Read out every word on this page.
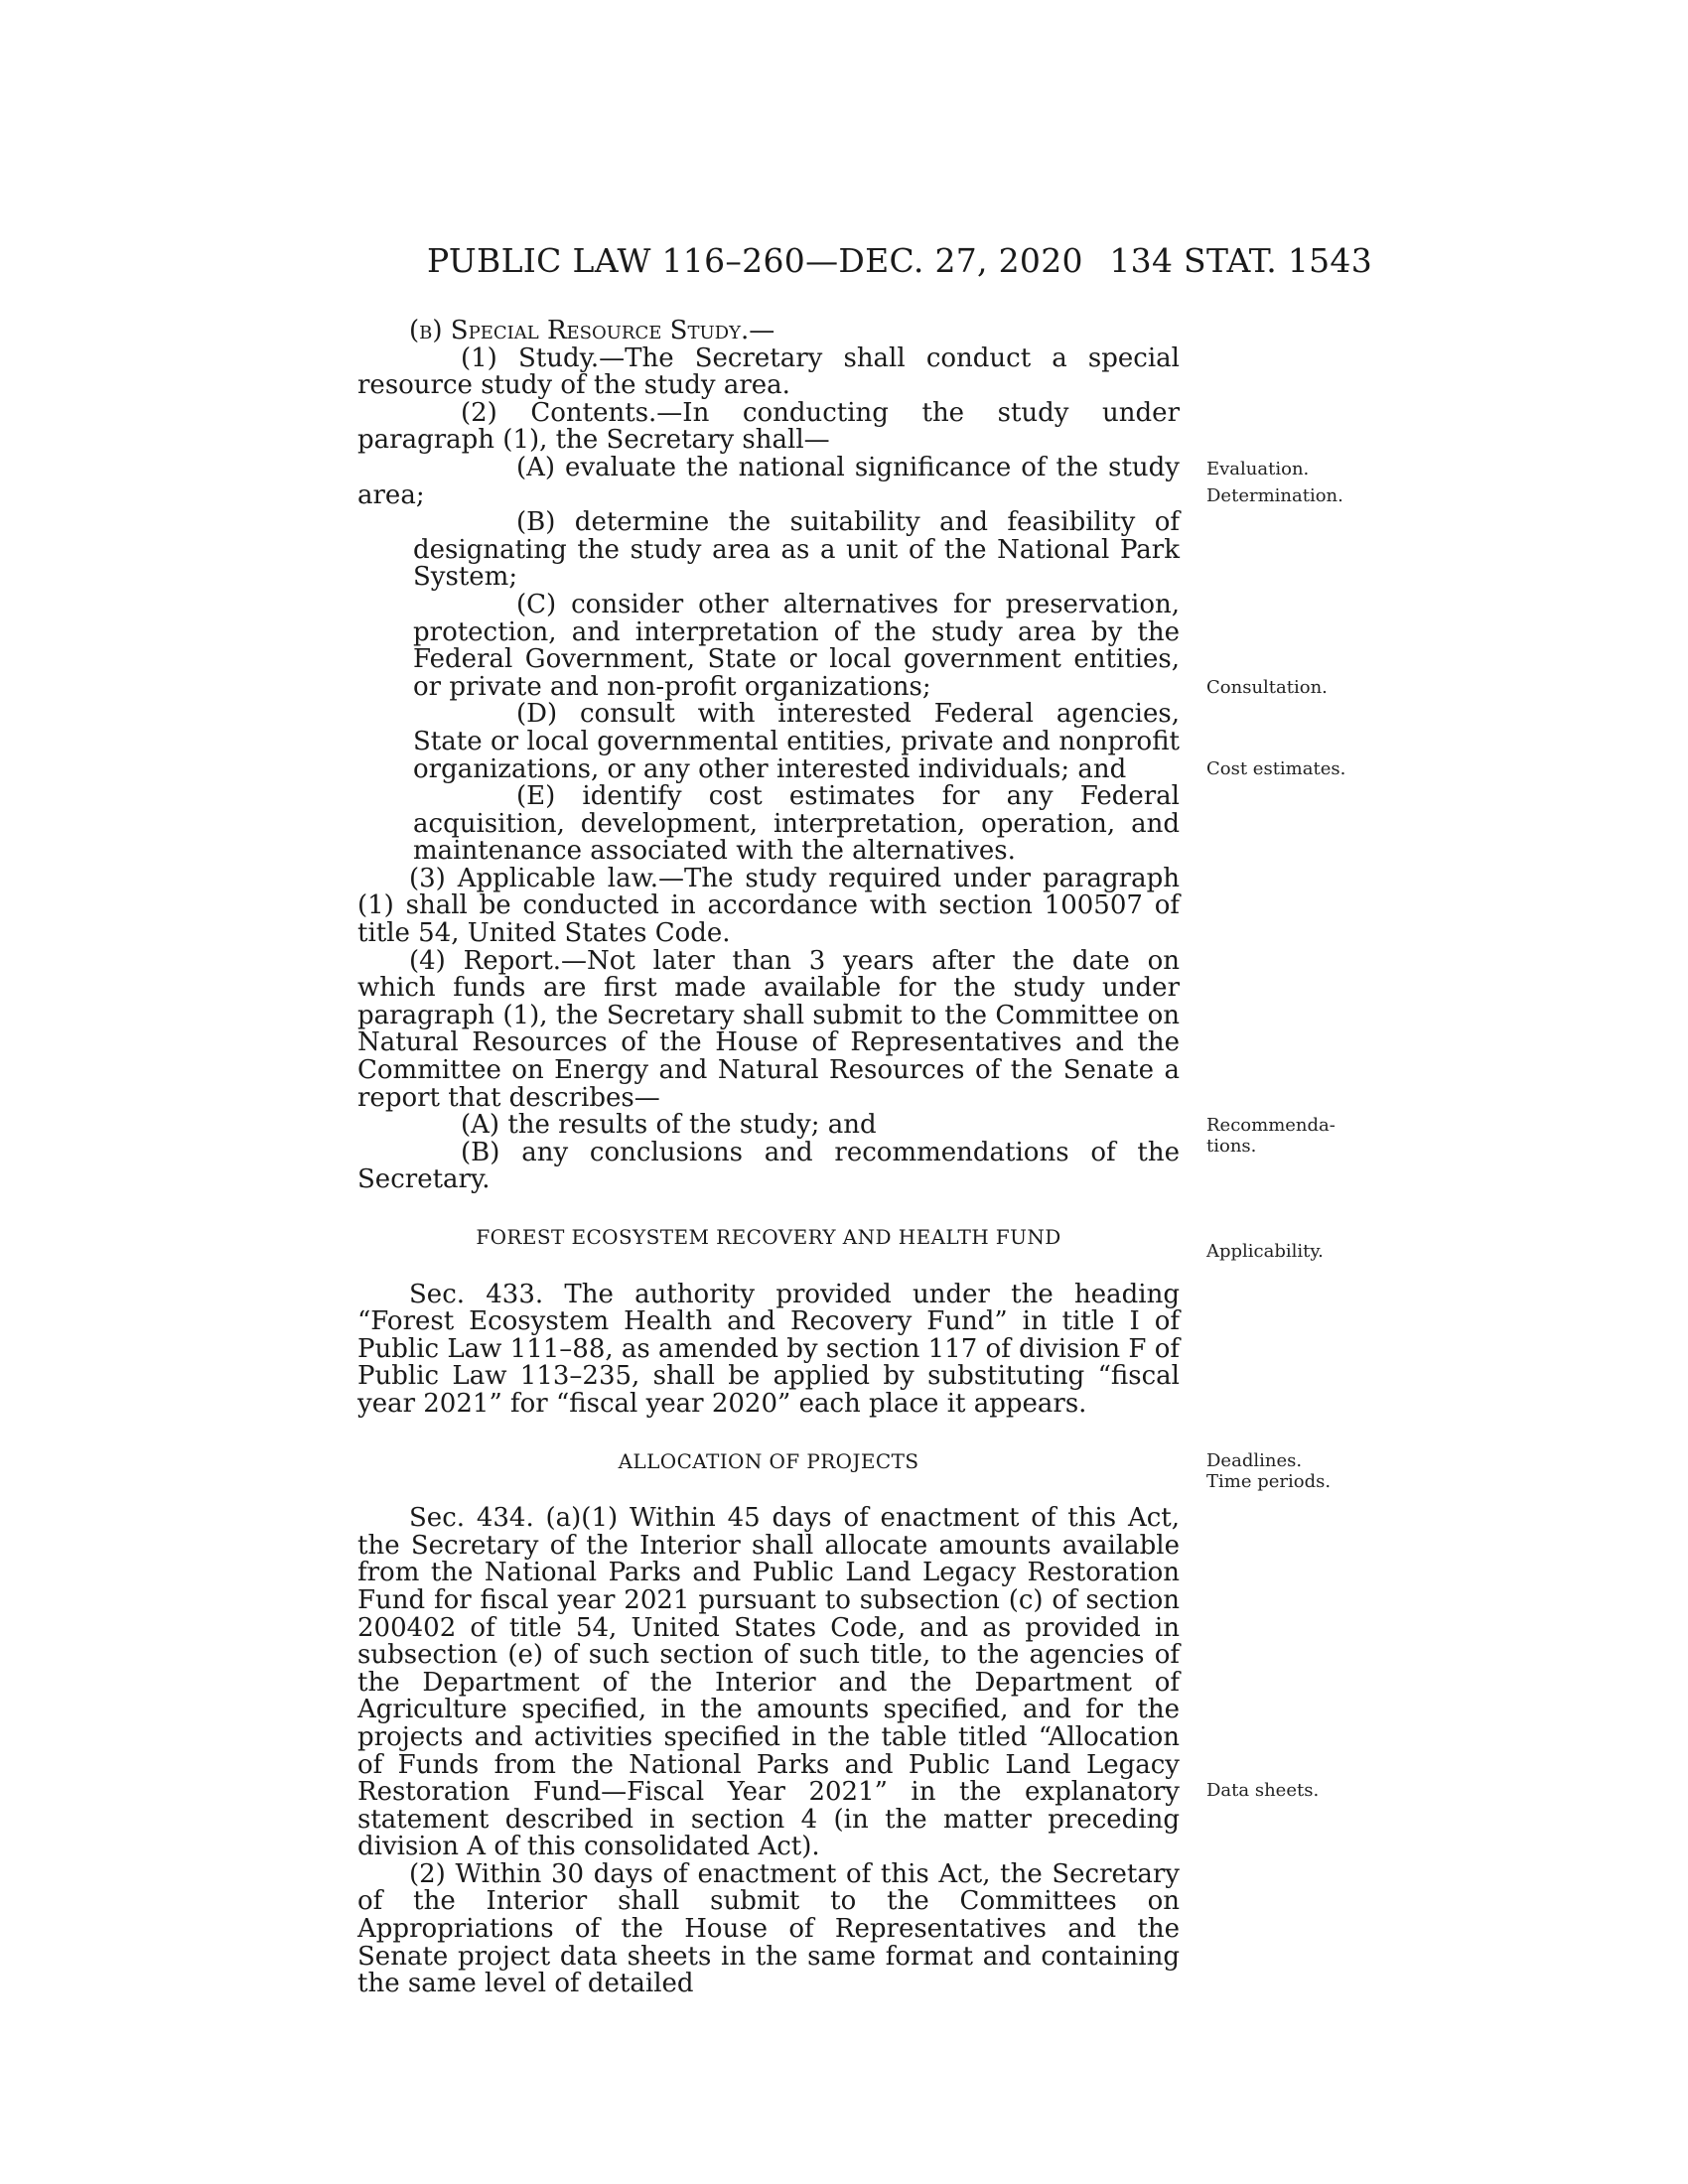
PUBLIC LAW 116–260—DEC. 27, 2020 134 STAT. 1543

(b) Special Resource Study.—

(1) Study.—The Secretary shall conduct a special resource study of the study area.

(2) Contents.—In conducting the study under paragraph (1), the Secretary shall—

(A) evaluate the national significance of the study area;

(B) determine the suitability and feasibility of designating the study area as a unit of the National Park System;

(C) consider other alternatives for preservation, protection, and interpretation of the study area by the Federal Government, State or local government entities, or private and non-profit organizations;

(D) consult with interested Federal agencies, State or local governmental entities, private and nonprofit organizations, or any other interested individuals; and

(E) identify cost estimates for any Federal acquisition, development, interpretation, operation, and maintenance associated with the alternatives.

(3) Applicable law.—The study required under paragraph (1) shall be conducted in accordance with section 100507 of title 54, United States Code.

(4) Report.—Not later than 3 years after the date on which funds are first made available for the study under paragraph (1), the Secretary shall submit to the Committee on Natural Resources of the House of Representatives and the Committee on Energy and Natural Resources of the Senate a report that describes—

(A) the results of the study; and

(B) any conclusions and recommendations of the Secretary.

FOREST ECOSYSTEM RECOVERY AND HEALTH FUND

Sec. 433. The authority provided under the heading “Forest Ecosystem Health and Recovery Fund” in title I of Public Law 111–88, as amended by section 117 of division F of Public Law 113–235, shall be applied by substituting “fiscal year 2021” for “fiscal year 2020” each place it appears.

ALLOCATION OF PROJECTS

Sec. 434. (a)(1) Within 45 days of enactment of this Act, the Secretary of the Interior shall allocate amounts available from the National Parks and Public Land Legacy Restoration Fund for fiscal year 2021 pursuant to subsection (c) of section 200402 of title 54, United States Code, and as provided in subsection (e) of such section of such title, to the agencies of the Department of the Interior and the Department of Agriculture specified, in the amounts specified, and for the projects and activities specified in the table titled “Allocation of Funds from the National Parks and Public Land Legacy Restoration Fund—Fiscal Year 2021” in the explanatory statement described in section 4 (in the matter preceding division A of this consolidated Act).

(2) Within 30 days of enactment of this Act, the Secretary of the Interior shall submit to the Committees on Appropriations of the House of Representatives and the Senate project data sheets in the same format and containing the same level of detailed

Evaluation.
Determination.
Consultation.
Cost estimates.
Recommenda-
tions.
Applicability.
Deadlines.
Time periods.
Data sheets.
